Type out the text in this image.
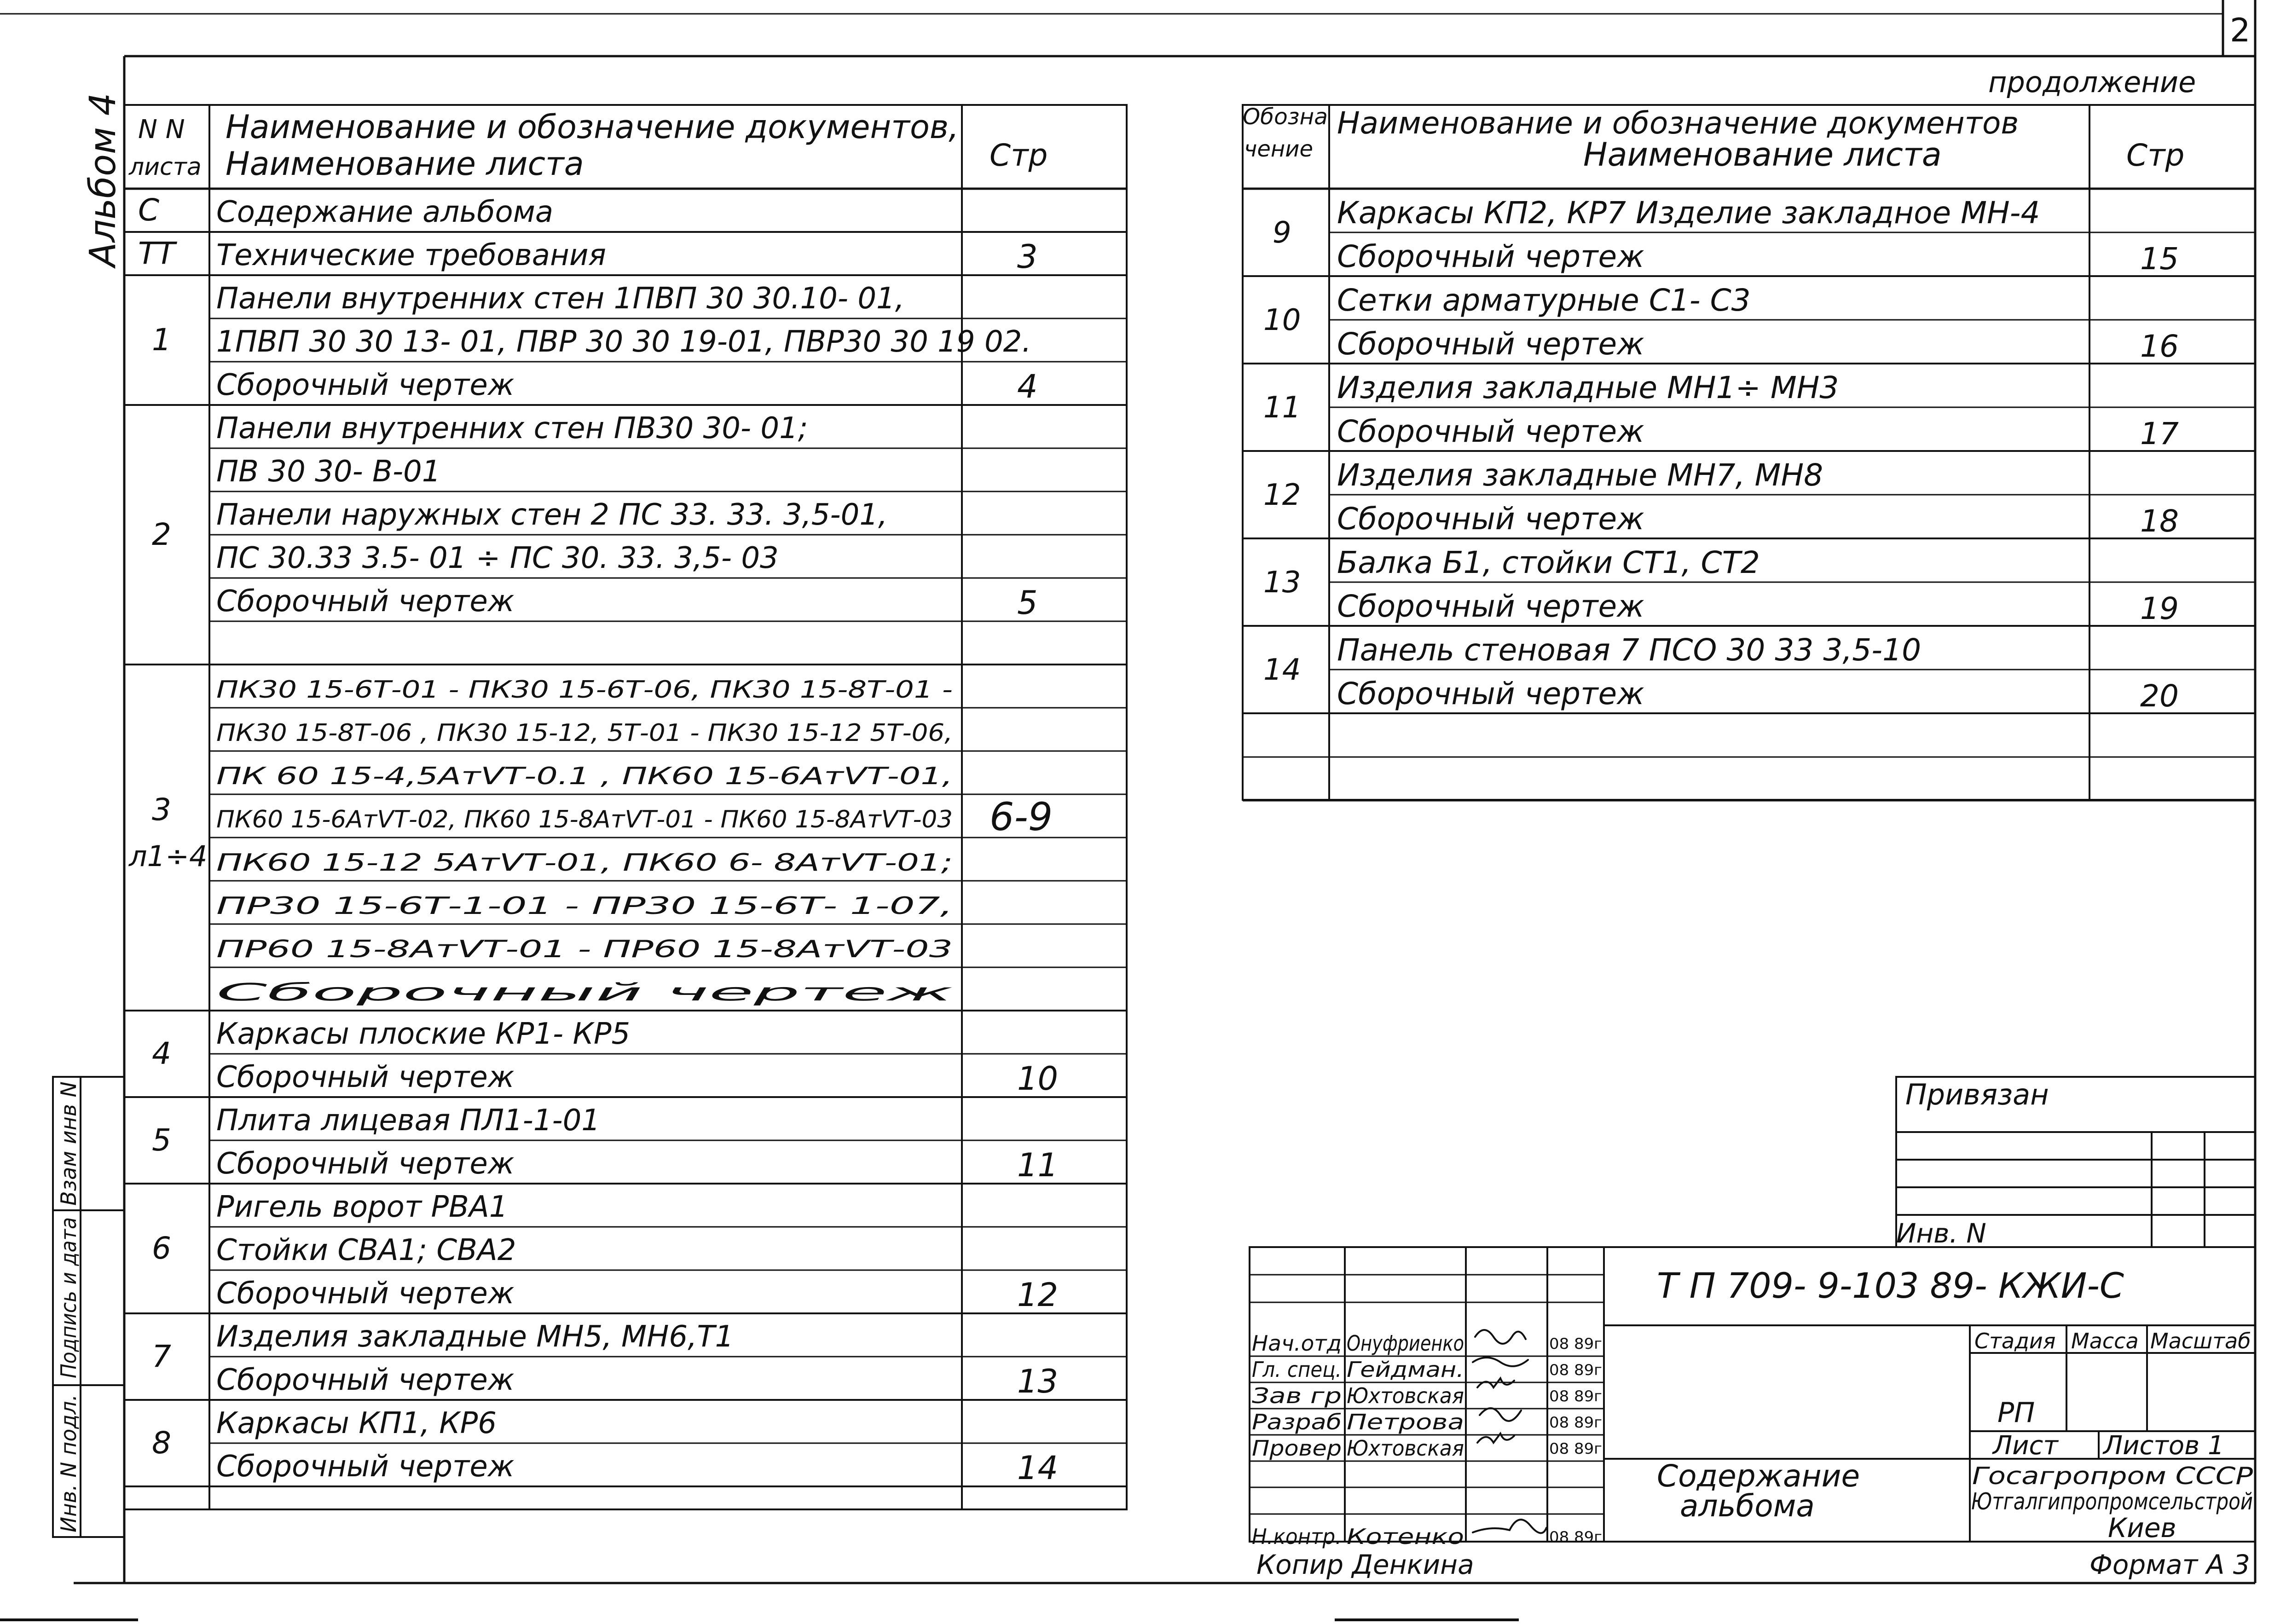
2
Альбом 4
продолжение
N N
листа
Наименование и обозначение документов,
Наименование листа	Стр
С Содержание альбома
ТТ Технические требования	3
1
Панели внутренних стен 1ПВП 30 30.10- 01,
1ПВП 30 30 13- 01, ПВР 30 30 19-01, ПВР30 30 19 02.
Сборочный чертеж	4
2
Панели внутренних стен ПВ30 30- 01;
ПВ 30 30- В-01
Панели наружных стен 2 ПС 33. 33. 3,5-01,
ПС 30.33 3.5- 01 ÷ ПС 30. 33. 3,5- 03
Сборочный чертеж	5
3
л1÷4
ПК30 15-6Т-01 - ПК30 15-6Т-06, ПК30 15-8Т-01 -
ПК30 15-8Т-06 , ПК30 15-12, 5Т-01 - ПК30 15-12 5Т-06,
ПК 60 15-4,5АтVТ-0.1 , ПК60 15-6АтVТ-01,
ПК60 15-6АтVТ-02, ПК60 15-8АтVТ-01 - ПК60 15-8АтVТ-03
ПК60 15-12 5АтVТ-01, ПК60 6- 8АтVТ-01;
ПР30 15-6Т-1-01 - ПР30 15-6Т- 1-07,
ПР60 15-8АтVТ-01 - ПР60 15-8АтVТ-03
Сборочный чертеж
6-9
4
Каркасы плоские КР1- КР5
Сборочный чертеж	10
5
Плита лицевая ПЛ1-1-01
Сборочный чертеж	11
6
Ригель ворот РВА1
Стойки СВА1; СВА2
Сборочный чертеж	12
7
Изделия закладные МН5, МН6,Т1
Сборочный чертеж	13
8
Каркасы КП1, КР6
Сборочный чертеж	14
Обозна
чение
Наименование и обозначение документов
Наименование листа	Стр
9
Каркасы КП2, КР7 Изделие закладное МН-4
Сборочный чертеж	15
10
Сетки арматурные С1- С3
Сборочный чертеж	16
11
Изделия закладные МН1÷ МН3
Сборочный чертеж	17
12
Изделия закладные МН7, МН8
Сборочный чертеж	18
13
Балка Б1, стойки СТ1, СТ2
Сборочный чертеж	19
14
Панель стеновая 7 ПСО 30 33 3,5-10
Сборочный чертеж	20
Инв. N подл.
Подпись и дата
Взам инв N	Привязан
Инв. N
Т П 709- 9-103 89- КЖИ-С
Нач.отд Онуфриенко	08 89г
Гл. спец. Гейдман.	08 89г
Зав гр Юхтовская	08 89г
Разраб Петрова	08 89г
Провер Юхтовская	08 89г
Н.контр. Котенко	08 89г
Содержание
альбома
Стадия Масса Масштаб
РП
Лист Листов 1
Госагропром СССР
Ютгалгипропромсельстрой
Киев
Копир Денкина	Формат А 3
